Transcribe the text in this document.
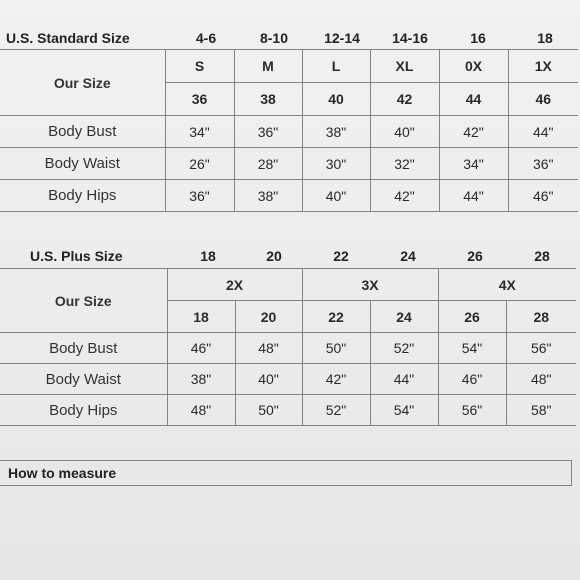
U.S. Standard Size	4-6	8-10	12-14	14-16	16	18
Our Size	S	M	L	XL	0X	1X
	36	38	40	42	44	46
Body Bust	34"	36"	38"	40"	42"	44"
Body Waist	26"	28"	30"	32"	34"	36"
Body Hips	36"	38"	40"	42"	44"	46"
U.S. Plus Size	18	20	22	24	26	28
Our Size	2X		3X		4X	
	18	20	22	24	26	28
Body Bust	46"	48"	50"	52"	54"	56"
Body Waist	38"	40"	42"	44"	46"	48"
Body Hips	48"	50"	52"	54"	56"	58"
How to measure
